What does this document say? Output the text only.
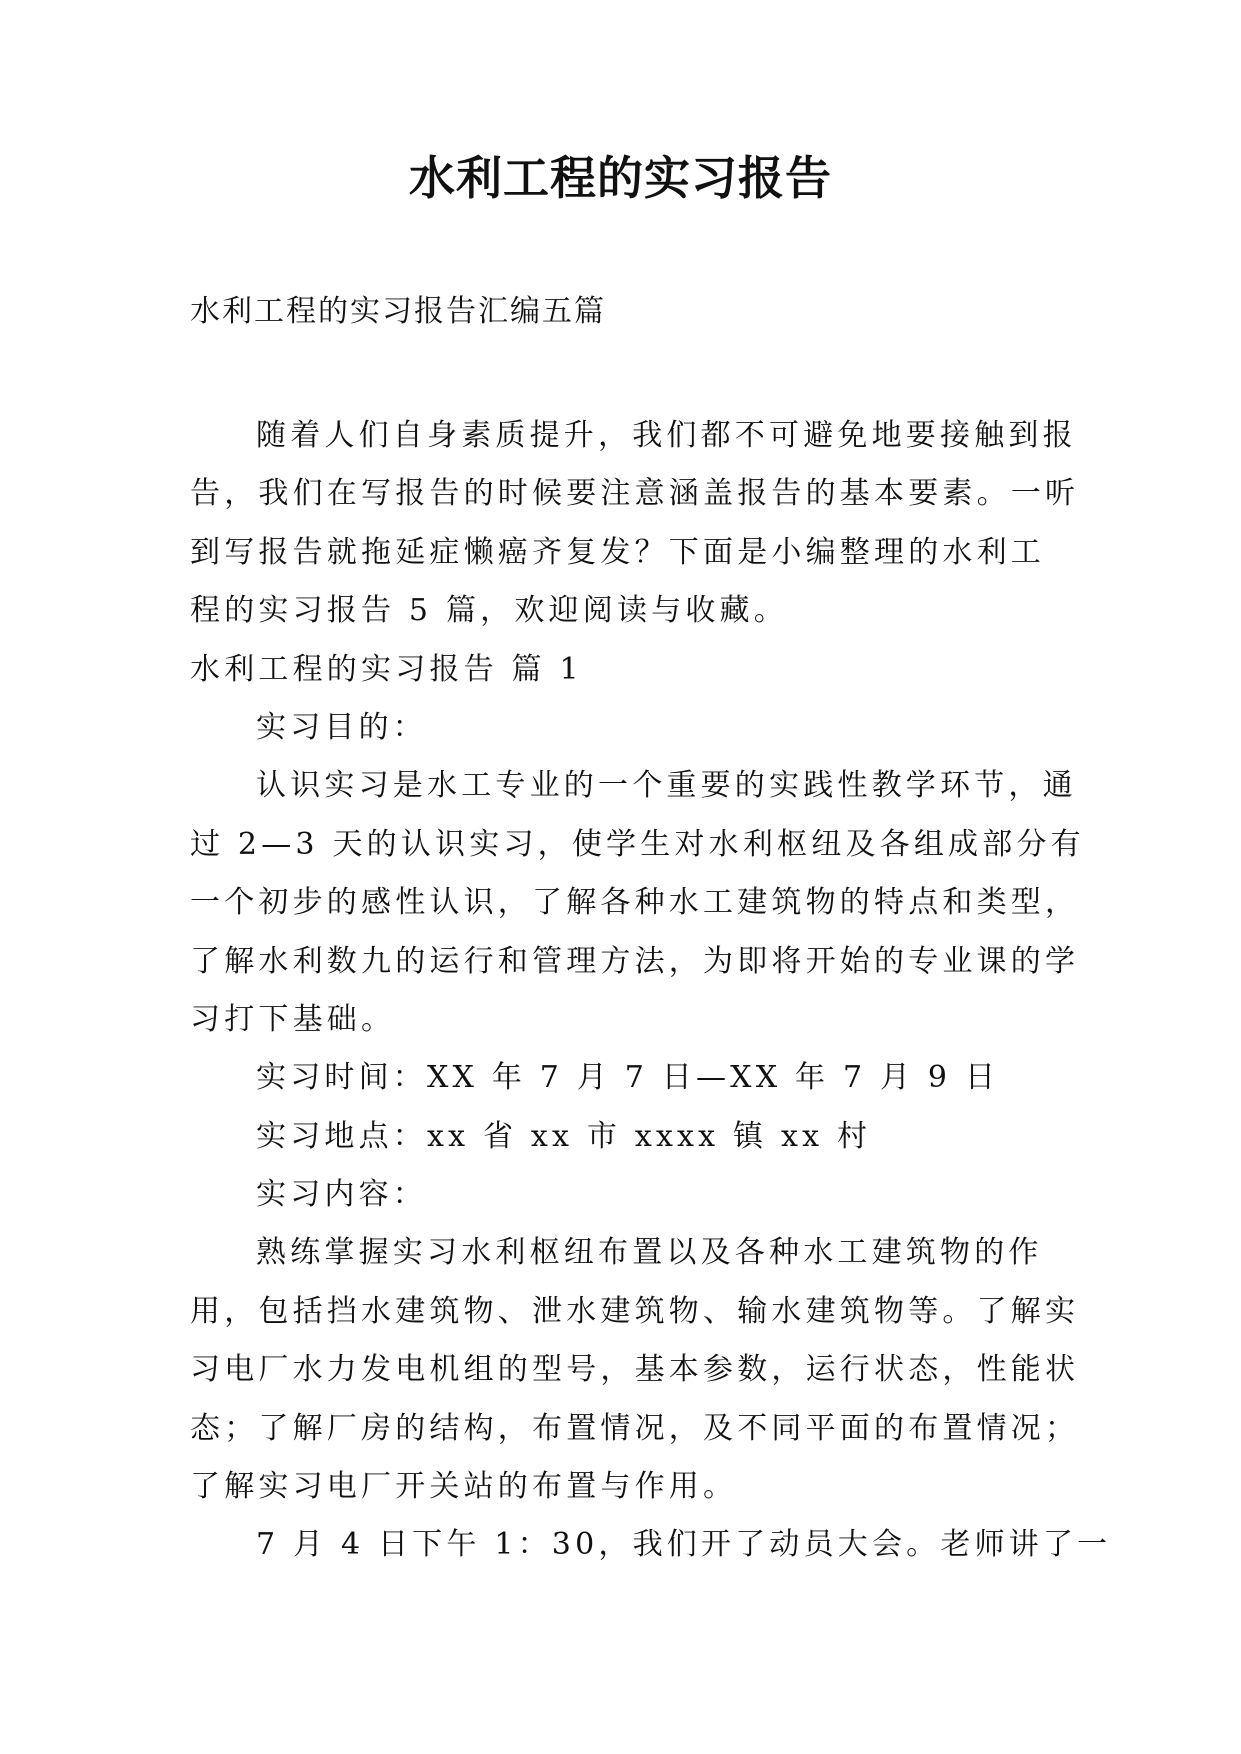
水利工程的实习报告
水利工程的实习报告汇编五篇
随着人们自身素质提升，我们都不可避免地要接触到报
告，我们在写报告的时候要注意涵盖报告的基本要素。一听
到写报告就拖延症懒癌齐复发？下面是小编整理的水利工
程的实习报告 5 篇，欢迎阅读与收藏。
水利工程的实习报告 篇 1
实习目的：
认识实习是水工专业的一个重要的实践性教学环节，通
过 2—3 天的认识实习，使学生对水利枢纽及各组成部分有
一个初步的感性认识，了解各种水工建筑物的特点和类型，
了解水利数九的运行和管理方法，为即将开始的专业课的学
习打下基础。
实习时间：XX 年 7 月 7 日—XX 年 7 月 9 日
实习地点：xx 省 xx 市 xxxx 镇 xx 村
实习内容：
熟练掌握实习水利枢纽布置以及各种水工建筑物的作
用，包括挡水建筑物、泄水建筑物、输水建筑物等。了解实
习电厂水力发电机组的型号，基本参数，运行状态，性能状
态；了解厂房的结构，布置情况，及不同平面的布置情况；
了解实习电厂开关站的布置与作用。
7 月 4 日下午 1：30，我们开了动员大会。老师讲了一
